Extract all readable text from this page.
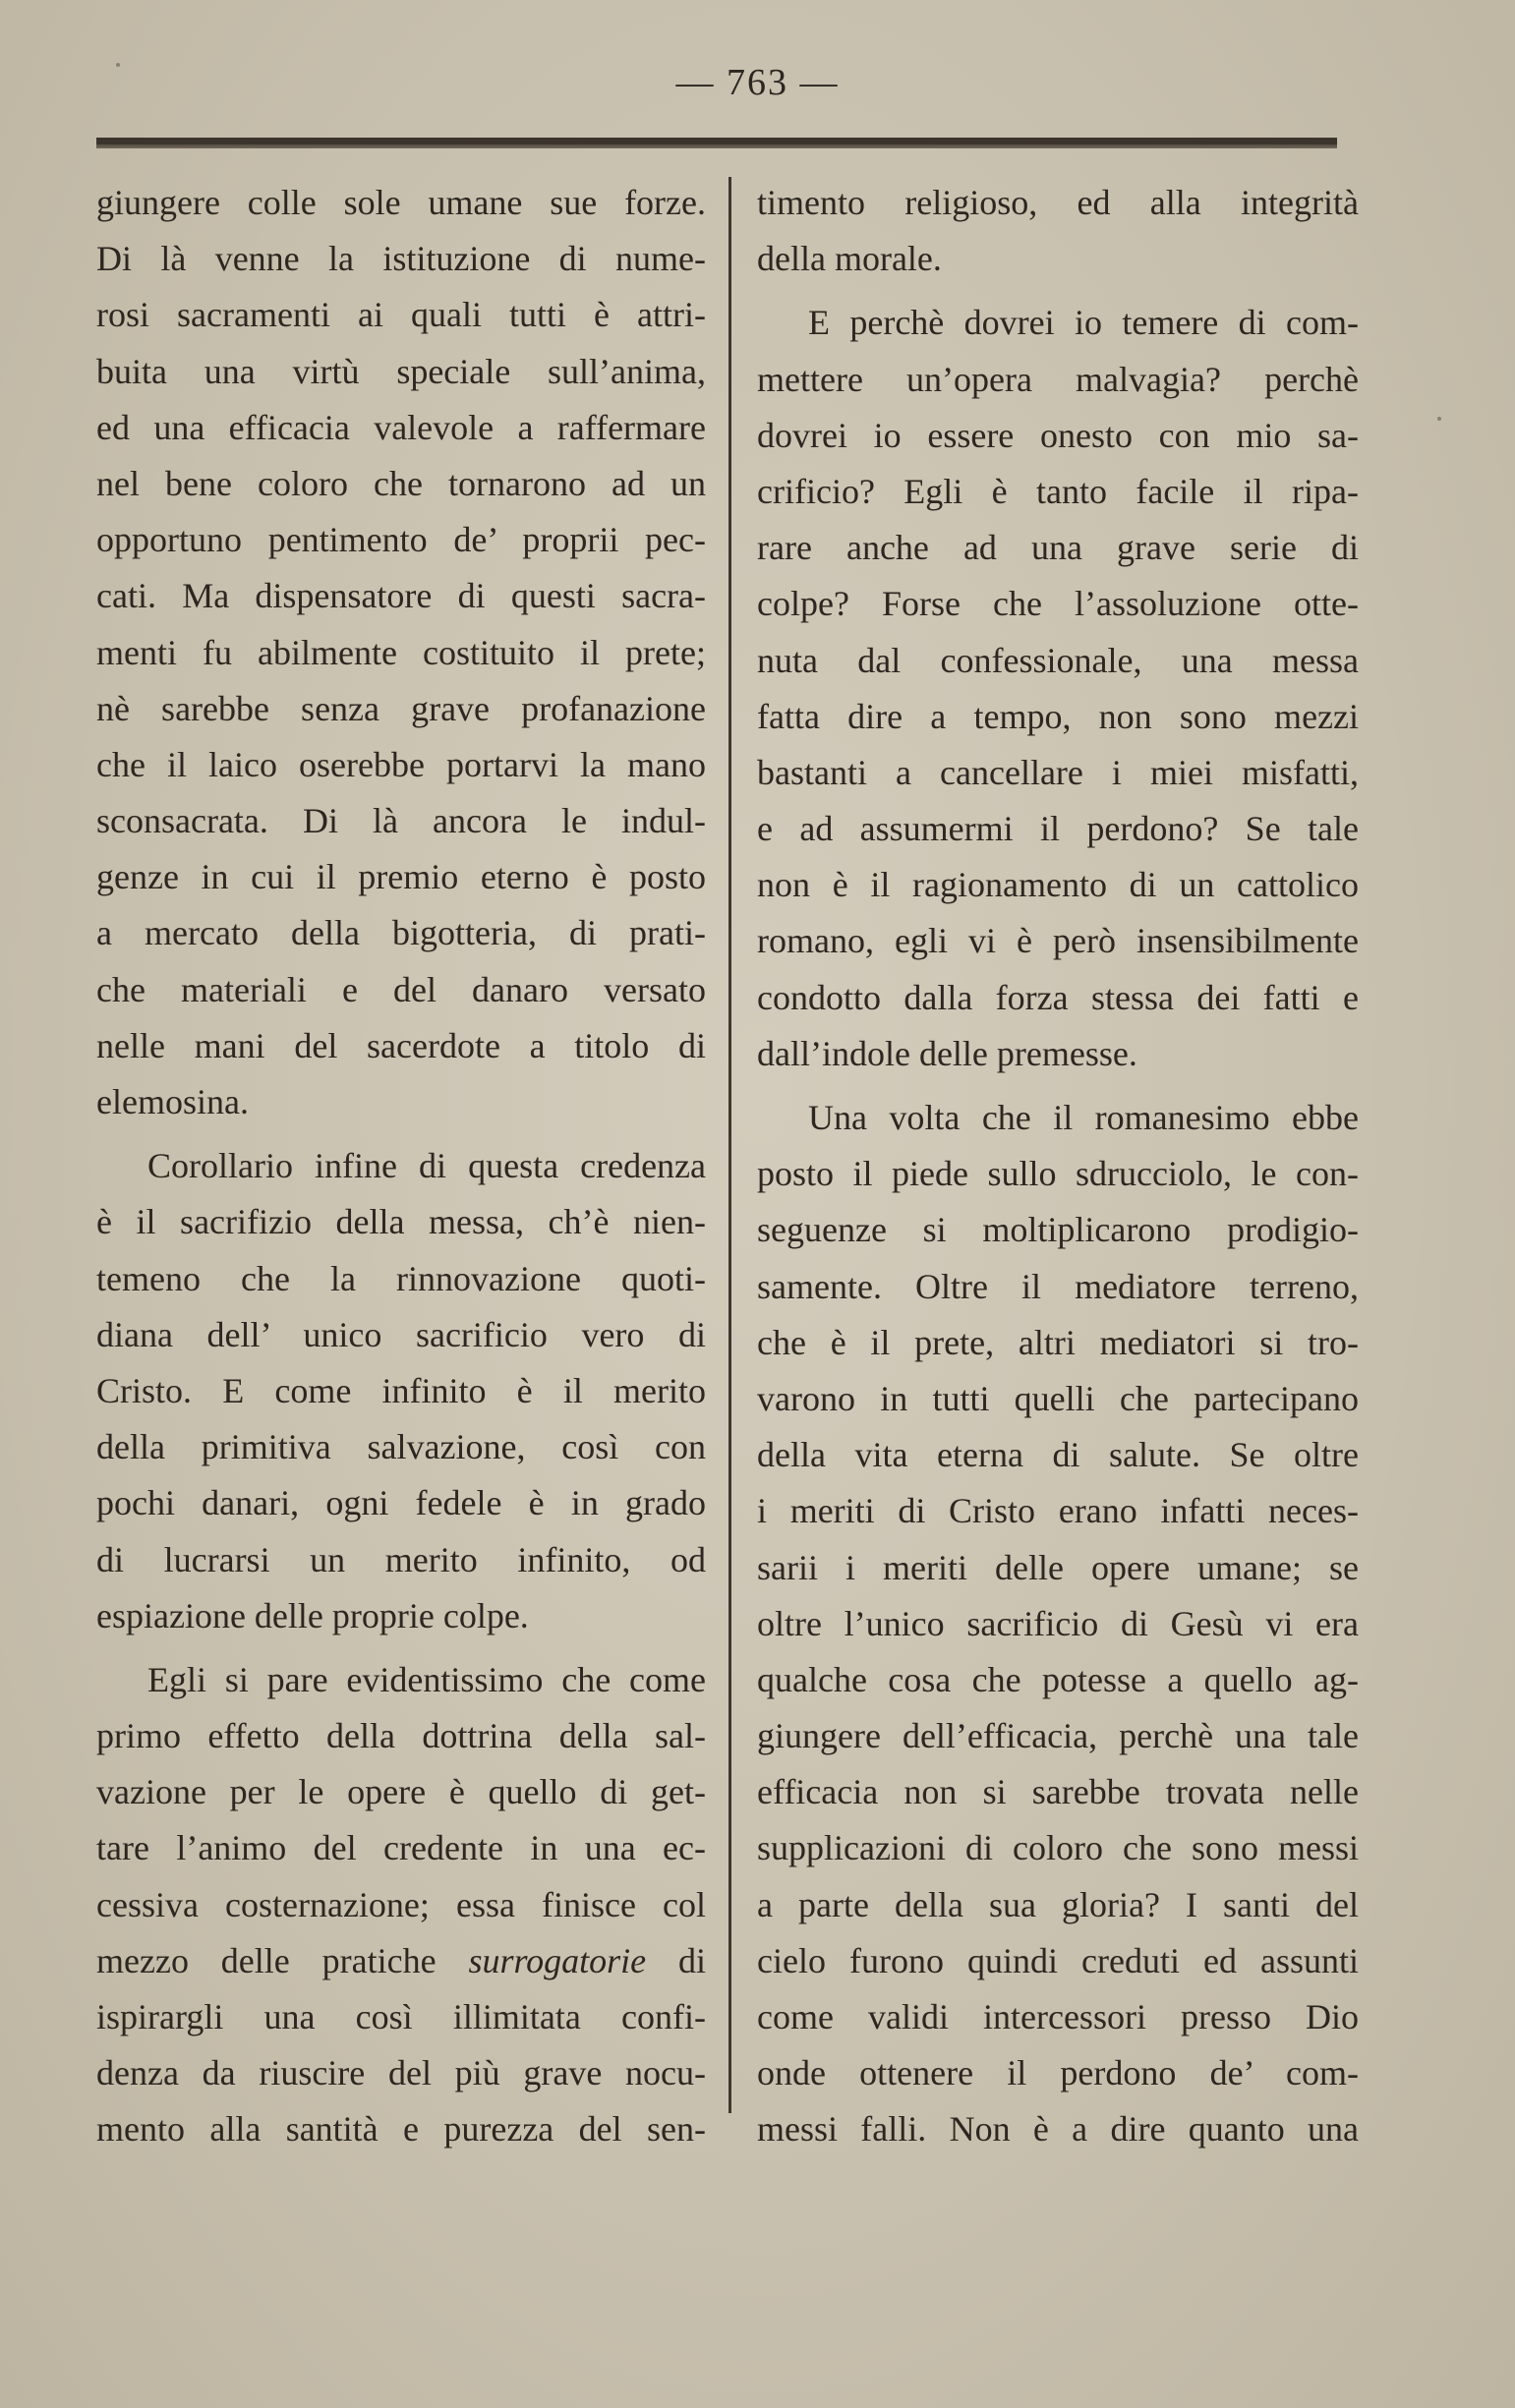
— 763 —
giungere colle sole umane sue forze.
Di là venne la istituzione di nume-
rosi sacramenti ai quali tutti è attri-
buita una virtù speciale sull’anima,
ed una efficacia valevole a raffermare
nel bene coloro che tornarono ad un
opportuno pentimento de’ proprii pec-
cati. Ma dispensatore di questi sacra-
menti fu abilmente costituito il prete;
nè sarebbe senza grave profanazione
che il laico oserebbe portarvi la mano
sconsacrata. Di là ancora le indul-
genze in cui il premio eterno è posto
a mercato della bigotteria, di prati-
che materiali e del danaro versato
nelle mani del sacerdote a titolo di
elemosina.
Corollario infine di questa credenza
è il sacrifizio della messa, ch’è nien-
temeno che la rinnovazione quoti-
diana dell’ unico sacrificio vero di
Cristo. E come infinito è il merito
della primitiva salvazione, così con
pochi danari, ogni fedele è in grado
di lucrarsi un merito infinito, od
espiazione delle proprie colpe.
Egli si pare evidentissimo che come
primo effetto della dottrina della sal-
vazione per le opere è quello di get-
tare l’animo del credente in una ec-
cessiva costernazione; essa finisce col
mezzo delle pratiche surrogatorie di
ispirargli una così illimitata confi-
denza da riuscire del più grave nocu-
mento alla santità e purezza del sen-
timento religioso, ed alla integrità
della morale.
E perchè dovrei io temere di com-
mettere un’opera malvagia? perchè
dovrei io essere onesto con mio sa-
crificio? Egli è tanto facile il ripa-
rare anche ad una grave serie di
colpe? Forse che l’assoluzione otte-
nuta dal confessionale, una messa
fatta dire a tempo, non sono mezzi
bastanti a cancellare i miei misfatti,
e ad assumermi il perdono? Se tale
non è il ragionamento di un cattolico
romano, egli vi è però insensibilmente
condotto dalla forza stessa dei fatti e
dall’indole delle premesse.
Una volta che il romanesimo ebbe
posto il piede sullo sdrucciolo, le con-
seguenze si moltiplicarono prodigio-
samente. Oltre il mediatore terreno,
che è il prete, altri mediatori si tro-
varono in tutti quelli che partecipano
della vita eterna di salute. Se oltre
i meriti di Cristo erano infatti neces-
sarii i meriti delle opere umane; se
oltre l’unico sacrificio di Gesù vi era
qualche cosa che potesse a quello ag-
giungere dell’efficacia, perchè una tale
efficacia non si sarebbe trovata nelle
supplicazioni di coloro che sono messi
a parte della sua gloria? I santi del
cielo furono quindi creduti ed assunti
come validi intercessori presso Dio
onde ottenere il perdono de’ com-
messi falli. Non è a dire quanto una
